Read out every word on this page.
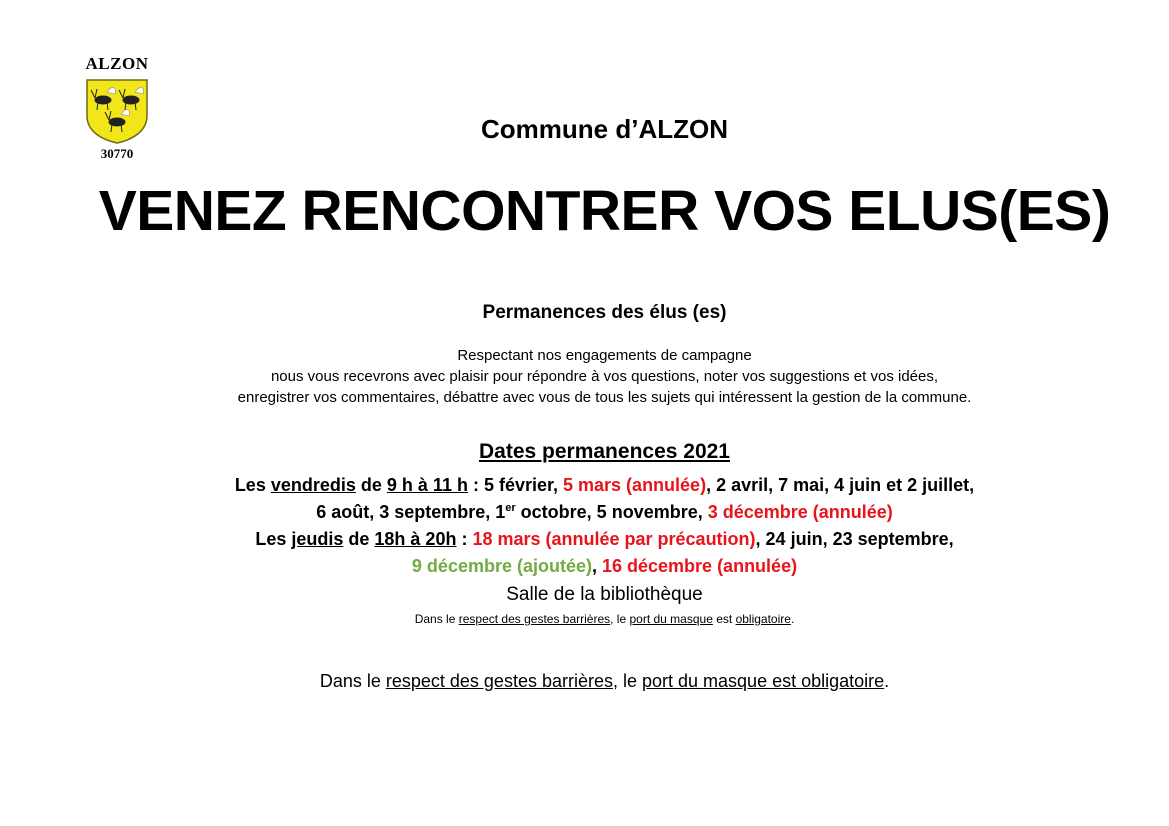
ALZON
30770
Commune d’ALZON
VENEZ RENCONTRER VOS ELUS(ES)
Permanences des élus (es)
Respectant nos engagements de campagne
nous vous recevrons avec plaisir pour répondre à vos questions, noter vos suggestions et vos idées,
enregistrer vos commentaires, débattre avec vous de tous les sujets qui intéressent la gestion de la commune.
Dates permanences 2021
Les vendredis de 9 h à 11 h : 5 février, 5 mars (annulée), 2 avril, 7 mai, 4 juin et 2 juillet,
6 août, 3 septembre, 1er octobre, 5 novembre, 3 décembre (annulée)
Les jeudis de 18h à 20h : 18 mars (annulée par précaution), 24 juin, 23 septembre,
9 décembre (ajoutée), 16 décembre (annulée)
Salle de la bibliothèque
Dans le respect des gestes barrières, le port du masque est obligatoire.
Dans le respect des gestes barrières, le port du masque est obligatoire.
